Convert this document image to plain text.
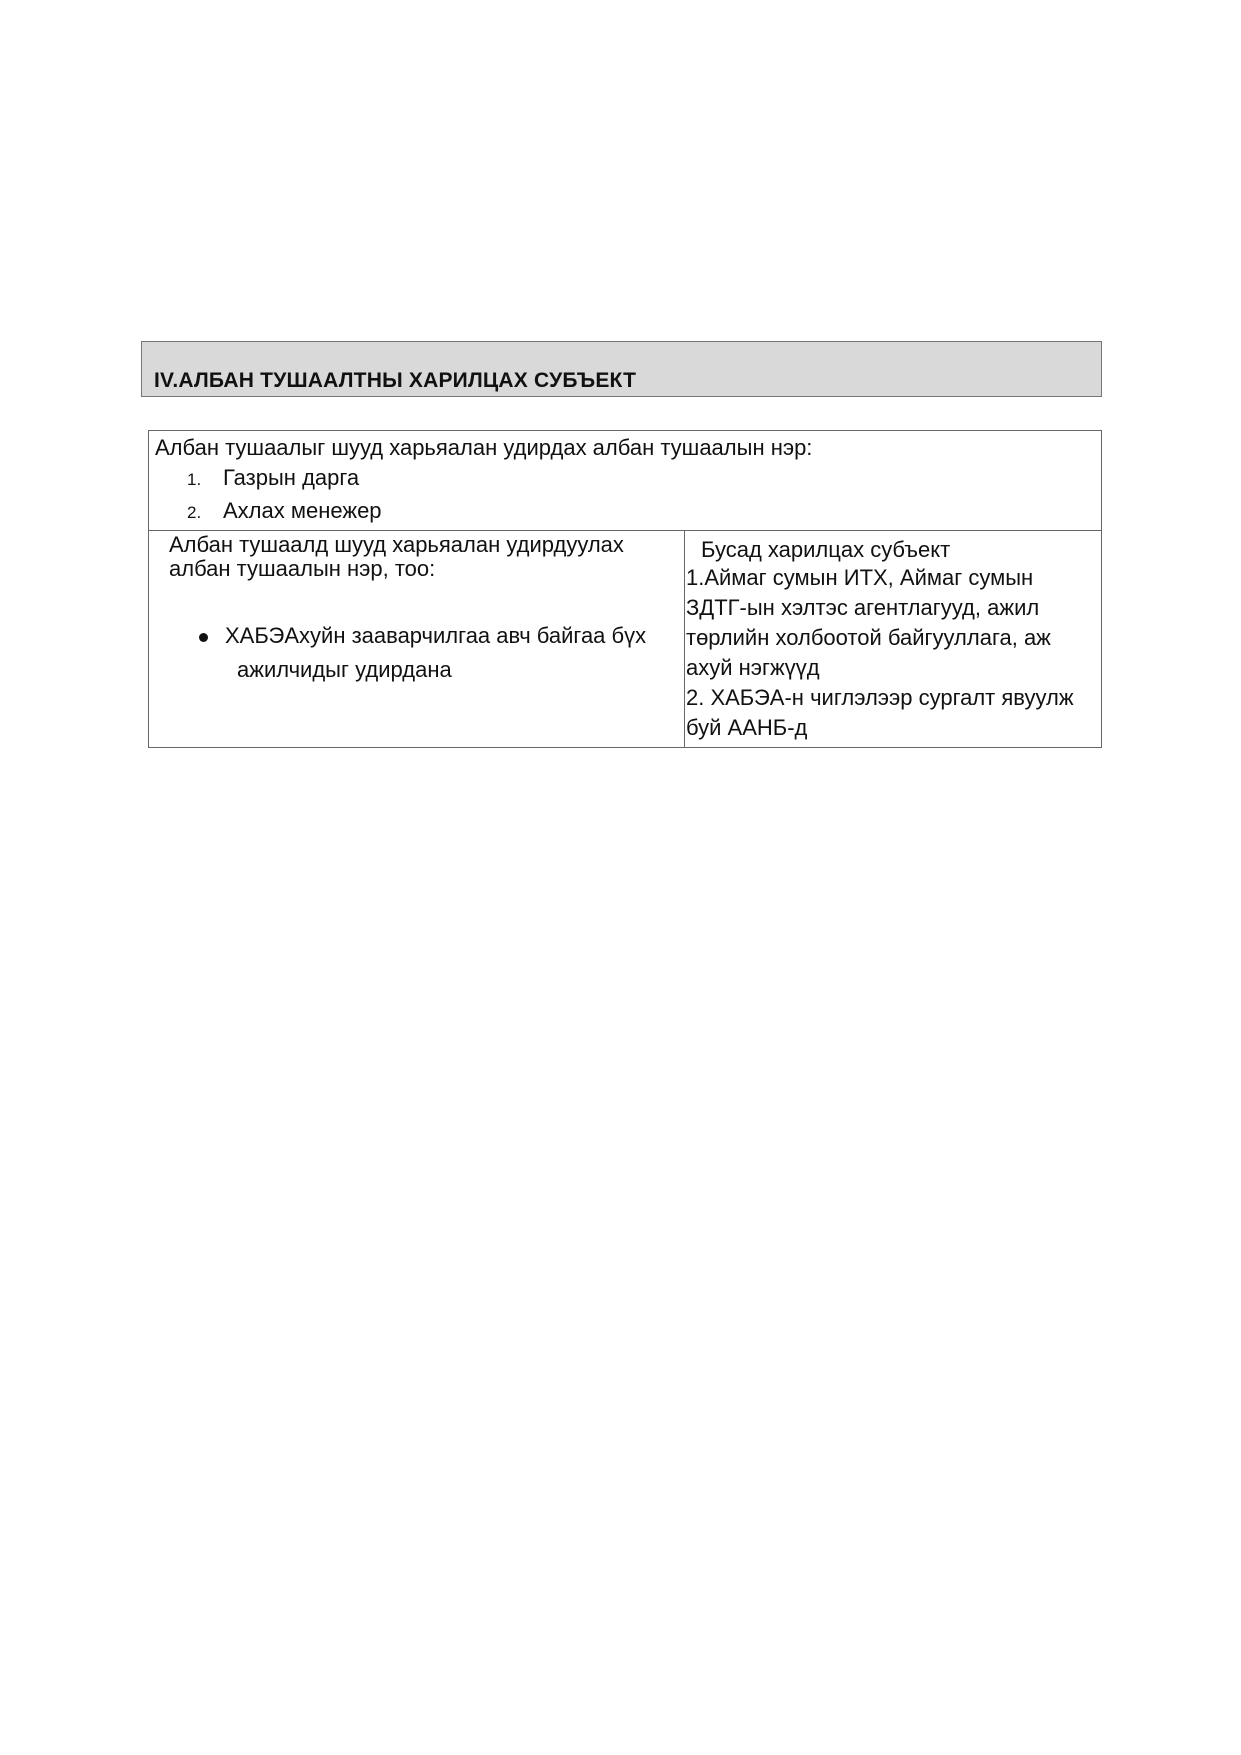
IV.АЛБАН ТУШААЛТНЫ ХАРИЛЦАХ СУБЪЕКТ
Албан тушаалыг шууд харьяалан удирдах албан тушаалын нэр:
1. Газрын дарга
2. Ахлах менежер
Албан тушаалд шууд харьяалан удирдуулах албан тушаалын нэр, тоо:
ХАБЭАхуйн зааварчилгаа авч байгаа бүх
ажилчидыг удирдана
Бусад харилцах субъект
1.Аймаг сумын ИТХ, Аймаг сумын
ЗДТГ-ын хэлтэс агентлагууд, ажил
төрлийн холбоотой байгууллага, аж
ахуй нэгжүүд
2. ХАБЭА-н чиглэлээр сургалт явуулж
буй ААНБ-д
